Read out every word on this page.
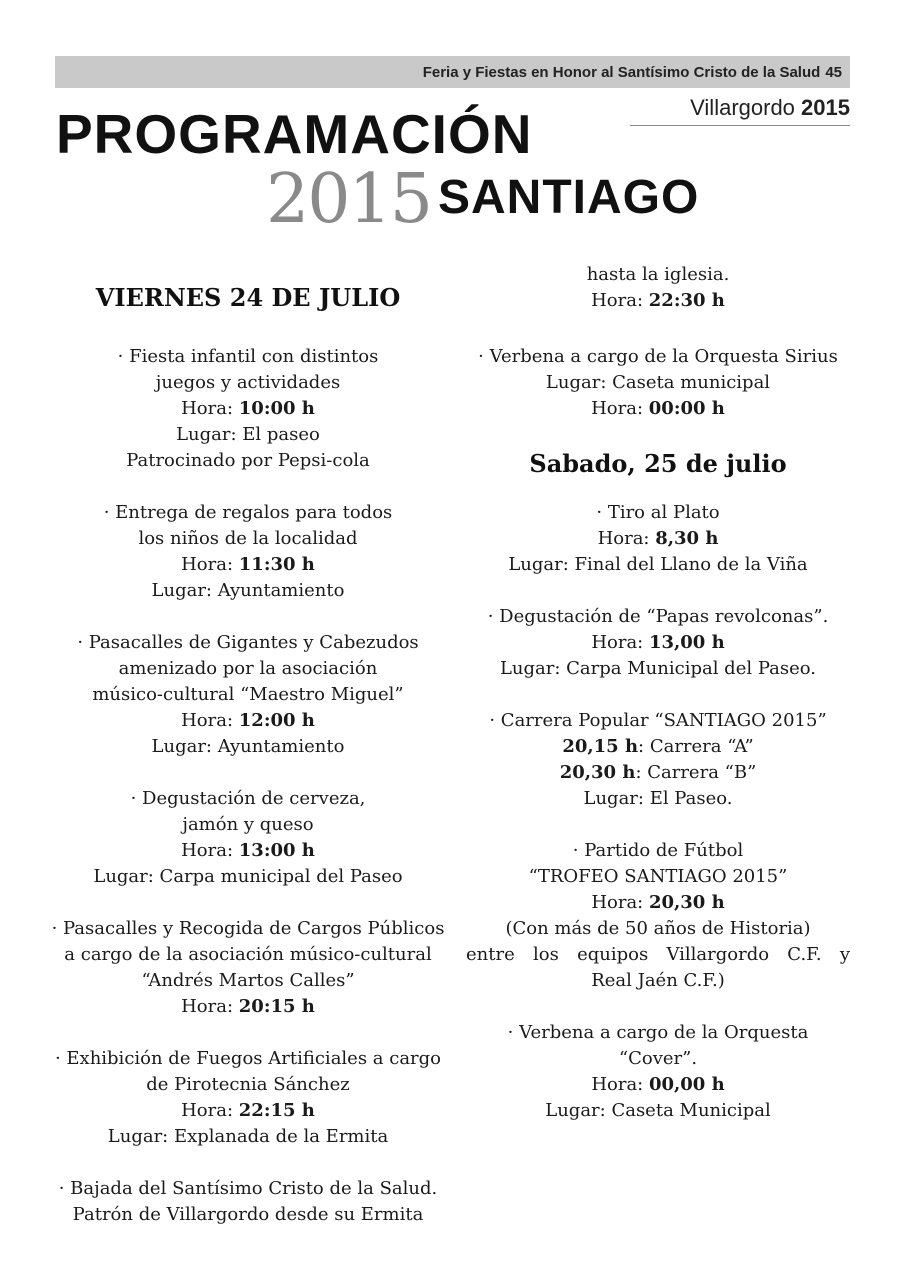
Feria y Fiestas en Honor al Santísimo Cristo de la Salud 45
Villargordo 2015
PROGRAMACIÓN
2015 SANTIAGO
VIERNES 24 DE JULIO
· Fiesta infantil con distintos
juegos y actividades
Hora: 10:00 h
Lugar: El paseo
Patrocinado por Pepsi-cola
· Entrega de regalos para todos
los niños de la localidad
Hora: 11:30 h
Lugar: Ayuntamiento
· Pasacalles de Gigantes y Cabezudos
amenizado por la asociación
músico-cultural “Maestro Miguel”
Hora: 12:00 h
Lugar: Ayuntamiento
· Degustación de cerveza,
jamón y queso
Hora: 13:00 h
Lugar: Carpa municipal del Paseo
· Pasacalles y Recogida de Cargos Públicos
a cargo de la asociación músico-cultural
“Andrés Martos Calles”
Hora: 20:15 h
· Exhibición de Fuegos Artificiales a cargo
de Pirotecnia Sánchez
Hora: 22:15 h
Lugar: Explanada de la Ermita
· Bajada del Santísimo Cristo de la Salud.
Patrón de Villargordo desde su Ermita
hasta la iglesia.
Hora: 22:30 h
· Verbena a cargo de la Orquesta Sirius
Lugar: Caseta municipal
Hora: 00:00 h
Sabado, 25 de julio
· Tiro al Plato
Hora: 8,30 h
Lugar: Final del Llano de la Viña
· Degustación de “Papas revolconas”.
Hora: 13,00 h
Lugar: Carpa Municipal del Paseo.
· Carrera Popular “SANTIAGO 2015”
20,15 h: Carrera “A”
20,30 h: Carrera “B”
Lugar: El Paseo.
· Partido de Fútbol
“TROFEO SANTIAGO 2015”
Hora: 20,30 h
(Con más de 50 años de Historia)
entre los equipos Villargordo C.F. y
Real Jaén C.F.)
· Verbena a cargo de la Orquesta “Cover”.
Hora: 00,00 h
Lugar: Caseta Municipal
